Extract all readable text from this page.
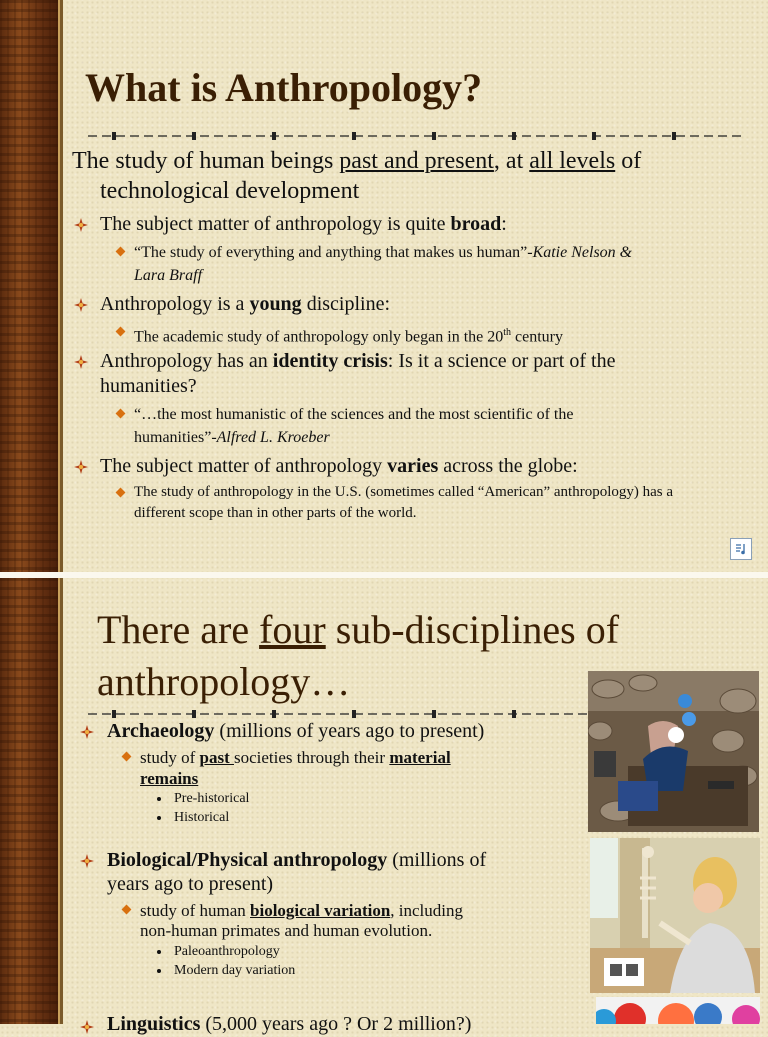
What is Anthropology?
The study of human beings past and present, at all levels of
technological development
The subject matter of anthropology is quite broad:
“The study of everything and anything that makes us human”-Katie Nelson &
Lara Braff
Anthropology is a young discipline:
The academic study of anthropology only began in the 20th century
Anthropology has an identity crisis: Is it a science or part of the
humanities?
“…the most humanistic of the sciences and the most scientific of the
humanities”-Alfred L. Kroeber
The subject matter of anthropology varies across the globe:
The study of anthropology in the U.S. (sometimes called “American” anthropology) has a
different scope than in other parts of the world.
There are four sub-disciplines of
anthropology…
Archaeology (millions of years ago to present)
study of past societies through their material
remains
Pre-historical
Historical
Biological/Physical anthropology (millions of
years ago to present)
study of human biological variation, including
non-human primates and human evolution.
Paleoanthropology
Modern day variation
Linguistics (5,000 years ago ? Or 2 million?)
